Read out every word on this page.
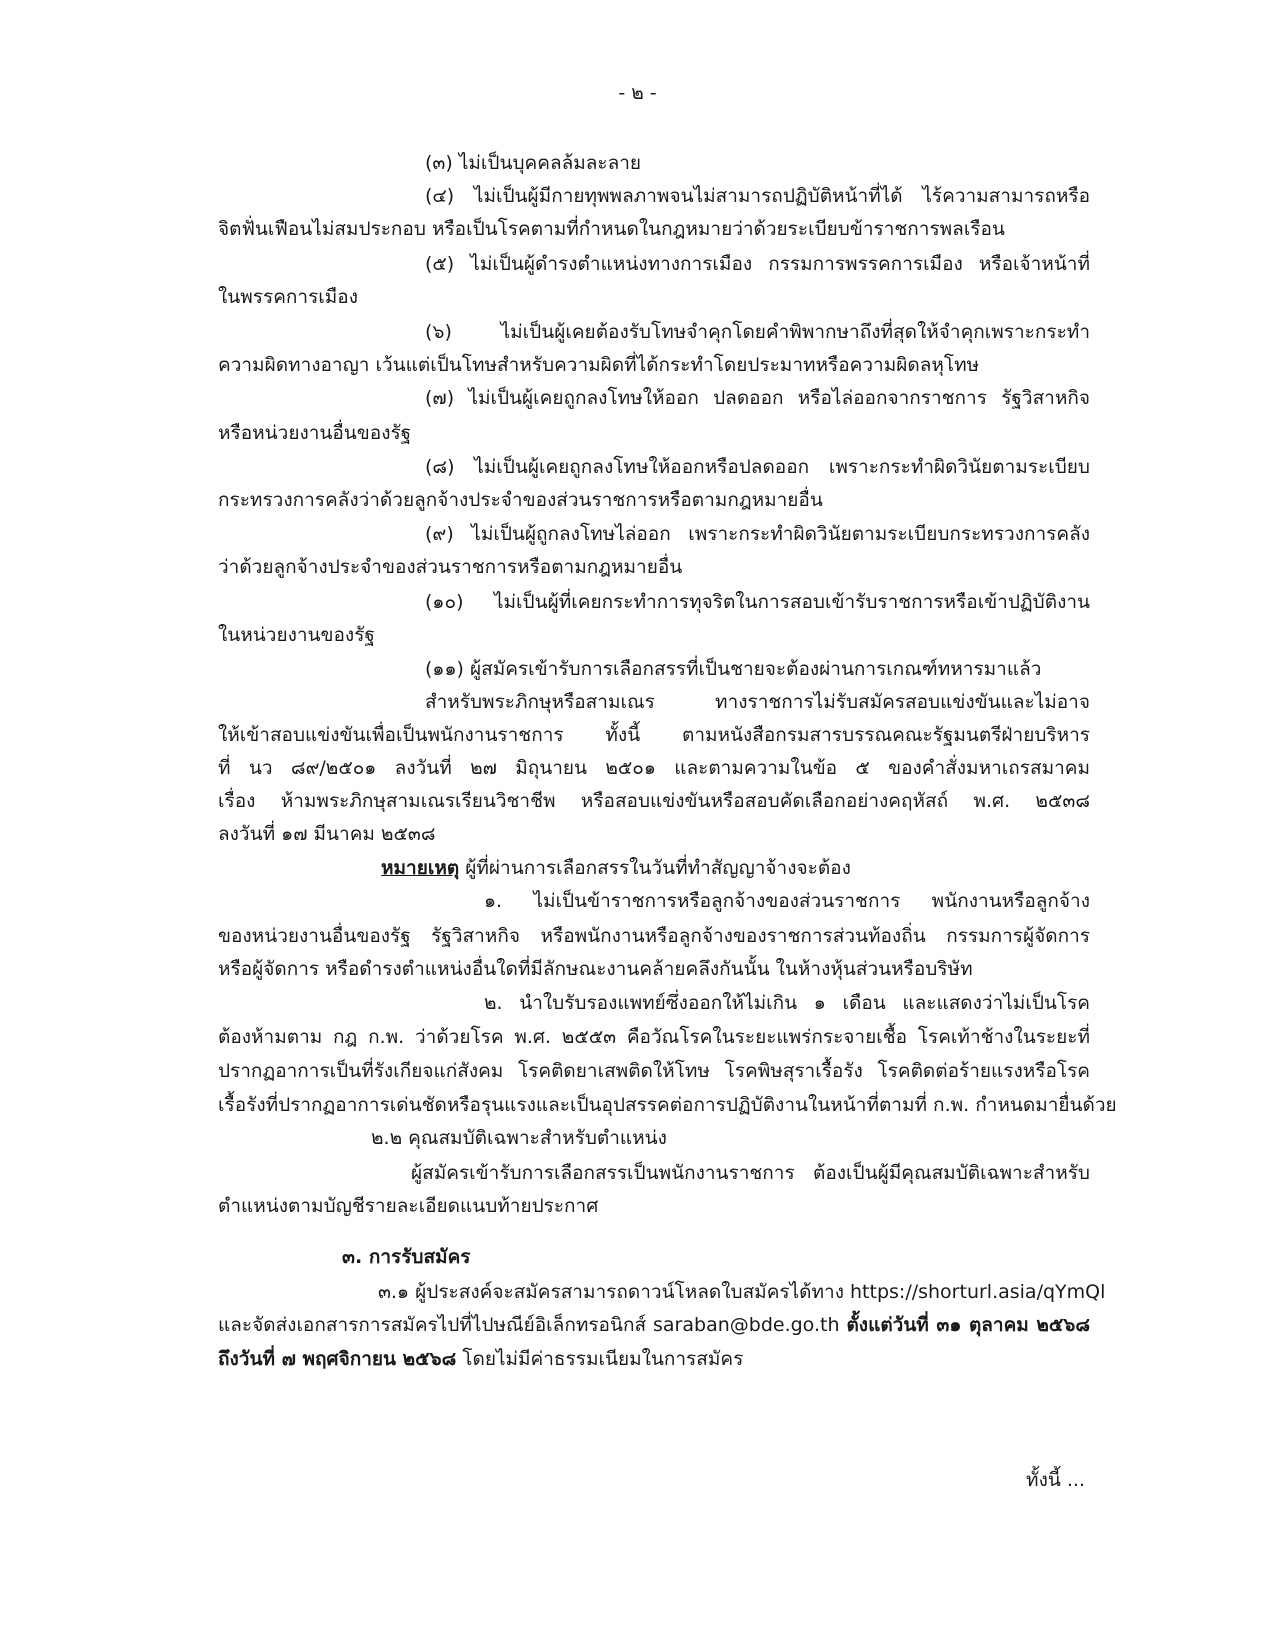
- ๒ -
(๓) ไม่เป็นบุคคลล้มละลาย
(๔) ไม่เป็นผู้มีกายทุพพลภาพจนไม่สามารถปฏิบัติหน้าที่ได้ ไร้ความสามารถหรือ
จิตฟั่นเฟือนไม่สมประกอบ หรือเป็นโรคตามที่กำหนดในกฎหมายว่าด้วยระเบียบข้าราชการพลเรือน
(๕) ไม่เป็นผู้ดำรงตำแหน่งทางการเมือง กรรมการพรรคการเมือง หรือเจ้าหน้าที่
ในพรรคการเมือง
(๖) ไม่เป็นผู้เคยต้องรับโทษจำคุกโดยคำพิพากษาถึงที่สุดให้จำคุกเพราะกระทำ
ความผิดทางอาญา เว้นแต่เป็นโทษสำหรับความผิดที่ได้กระทำโดยประมาทหรือความผิดลหุโทษ
(๗) ไม่เป็นผู้เคยถูกลงโทษให้ออก ปลดออก หรือไล่ออกจากราชการ รัฐวิสาหกิจ
หรือหน่วยงานอื่นของรัฐ
(๘) ไม่เป็นผู้เคยถูกลงโทษให้ออกหรือปลดออก เพราะกระทำผิดวินัยตามระเบียบ
กระทรวงการคลังว่าด้วยลูกจ้างประจำของส่วนราชการหรือตามกฎหมายอื่น
(๙) ไม่เป็นผู้ถูกลงโทษไล่ออก เพราะกระทำผิดวินัยตามระเบียบกระทรวงการคลัง
ว่าด้วยลูกจ้างประจำของส่วนราชการหรือตามกฎหมายอื่น
(๑๐) ไม่เป็นผู้ที่เคยกระทำการทุจริตในการสอบเข้ารับราชการหรือเข้าปฏิบัติงาน
ในหน่วยงานของรัฐ
(๑๑) ผู้สมัครเข้ารับการเลือกสรรที่เป็นชายจะต้องผ่านการเกณฑ์ทหารมาแล้ว
สำหรับพระภิกษุหรือสามเณร ทางราชการไม่รับสมัครสอบแข่งขันและไม่อาจ
ให้เข้าสอบแข่งขันเพื่อเป็นพนักงานราชการ ทั้งนี้ ตามหนังสือกรมสารบรรณคณะรัฐมนตรีฝ่ายบริหาร
ที่ นว ๘๙/๒๕๐๑ ลงวันที่ ๒๗ มิถุนายน ๒๕๐๑ และตามความในข้อ ๕ ของคำสั่งมหาเถรสมาคม
เรื่อง ห้ามพระภิกษุสามเณรเรียนวิชาชีพ หรือสอบแข่งขันหรือสอบคัดเลือกอย่างคฤหัสถ์ พ.ศ. ๒๕๓๘
ลงวันที่ ๑๗ มีนาคม ๒๕๓๘
หมายเหตุ ผู้ที่ผ่านการเลือกสรรในวันที่ทำสัญญาจ้างจะต้อง
๑. ไม่เป็นข้าราชการหรือลูกจ้างของส่วนราชการ พนักงานหรือลูกจ้าง
ของหน่วยงานอื่นของรัฐ รัฐวิสาหกิจ หรือพนักงานหรือลูกจ้างของราชการส่วนท้องถิ่น กรรมการผู้จัดการ
หรือผู้จัดการ หรือดำรงตำแหน่งอื่นใดที่มีลักษณะงานคล้ายคลึงกันนั้น ในห้างหุ้นส่วนหรือบริษัท
๒. นำใบรับรองแพทย์ซึ่งออกให้ไม่เกิน ๑ เดือน และแสดงว่าไม่เป็นโรค
ต้องห้ามตาม กฎ ก.พ. ว่าด้วยโรค พ.ศ. ๒๕๕๓ คือวัณโรคในระยะแพร่กระจายเชื้อ โรคเท้าช้างในระยะที่
ปรากฏอาการเป็นที่รังเกียจแก่สังคม โรคติดยาเสพติดให้โทษ โรคพิษสุราเรื้อรัง โรคติดต่อร้ายแรงหรือโรค
เรื้อรังที่ปรากฏอาการเด่นชัดหรือรุนแรงและเป็นอุปสรรคต่อการปฏิบัติงานในหน้าที่ตามที่ ก.พ. กำหนดมายื่นด้วย
๒.๒ คุณสมบัติเฉพาะสำหรับตำแหน่ง
ผู้สมัครเข้ารับการเลือกสรรเป็นพนักงานราชการ ต้องเป็นผู้มีคุณสมบัติเฉพาะสำหรับ
ตำแหน่งตามบัญชีรายละเอียดแนบท้ายประกาศ
๓. การรับสมัคร
๓.๑ ผู้ประสงค์จะสมัครสามารถดาวน์โหลดใบสมัครได้ทาง https://shorturl.asia/qYmQl
และจัดส่งเอกสารการสมัครไปที่ไปษณีย์อิเล็กทรอนิกส์ saraban@bde.go.th ตั้งแต่วันที่ ๓๑ ตุลาคม ๒๕๖๘
ถึงวันที่ ๗ พฤศจิกายน ๒๕๖๘ โดยไม่มีค่าธรรมเนียมในการสมัคร
ทั้งนี้ ...
